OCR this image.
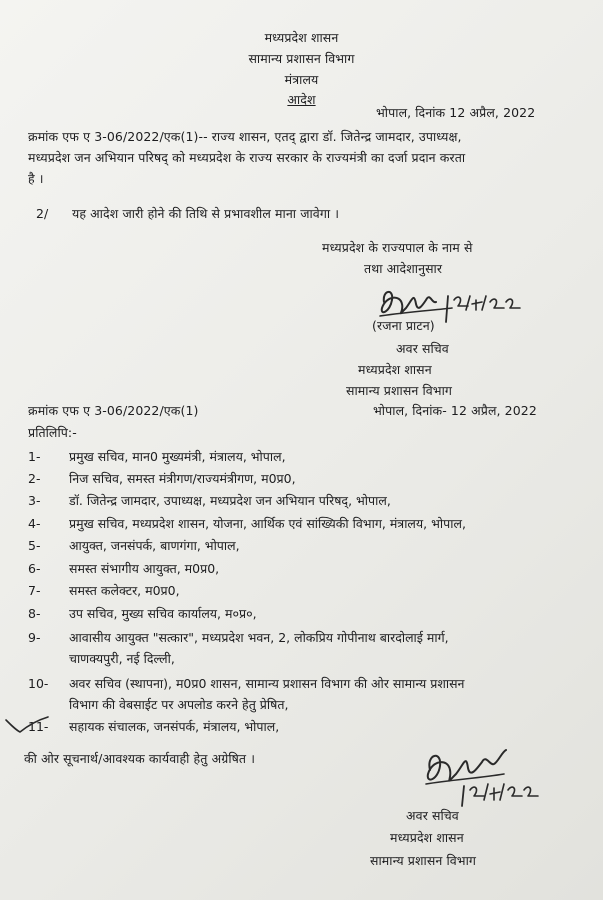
मध्यप्रदेश शासन
सामान्य प्रशासन विभाग
मंत्रालय
आदेश
भोपाल, दिनांक 12 अप्रैल, 2022
क्रमांक एफ ए 3-06/2022/एक(1)-- राज्य शासन, एतद् द्वारा डॉ. जितेन्द्र जामदार, उपाध्यक्ष,
मध्यप्रदेश जन अभियान परिषद् को मध्यप्रदेश के राज्य सरकार के राज्यमंत्री का दर्जा प्रदान करता
है ।
2/ यह आदेश जारी होने की तिथि से प्रभावशील माना जावेगा ।
मध्यप्रदेश के राज्यपाल के नाम से
तथा आदेशानुसार
(रजना प्राटन)
अवर सचिव
मध्यप्रदेश शासन
सामान्य प्रशासन विभाग
क्रमांक एफ ए 3-06/2022/एक(1)	भोपाल, दिनांक- 12 अप्रैल, 2022
प्रतिलिपि:-
1- प्रमुख सचिव, मान0 मुख्यमंत्री, मंत्रालय, भोपाल,
2- निज सचिव, समस्त मंत्रीगण/राज्यमंत्रीगण, म0प्र0,
3- डॉ. जितेन्द्र जामदार, उपाध्यक्ष, मध्यप्रदेश जन अभियान परिषद्, भोपाल,
4- प्रमुख सचिव, मध्यप्रदेश शासन, योजना, आर्थिक एवं सांख्यिकी विभाग, मंत्रालय, भोपाल,
5- आयुक्त, जनसंपर्क, बाणगंगा, भोपाल,
6- समस्त संभागीय आयुक्त, म0प्र0,
7- समस्त कलेक्टर, म0प्र0,
8- उप सचिव, मुख्य सचिव कार्यालय, म०प्र०,
9- आवासीय आयुक्त "सत्कार", मध्यप्रदेश भवन, 2, लोकप्रिय गोपीनाथ बारदोलाई मार्ग,
चाणक्यपुरी, नई दिल्ली,
10- अवर सचिव (स्थापना), म0प्र0 शासन, सामान्य प्रशासन विभाग की ओर सामान्य प्रशासन
विभाग की वेबसाईट पर अपलोड करने हेतु प्रेषित,
11- सहायक संचालक, जनसंपर्क, मंत्रालय, भोपाल,
की ओर सूचनार्थ/आवश्यक कार्यवाही हेतु अग्रेषित ।
अवर सचिव
मध्यप्रदेश शासन
सामान्य प्रशासन विभाग
